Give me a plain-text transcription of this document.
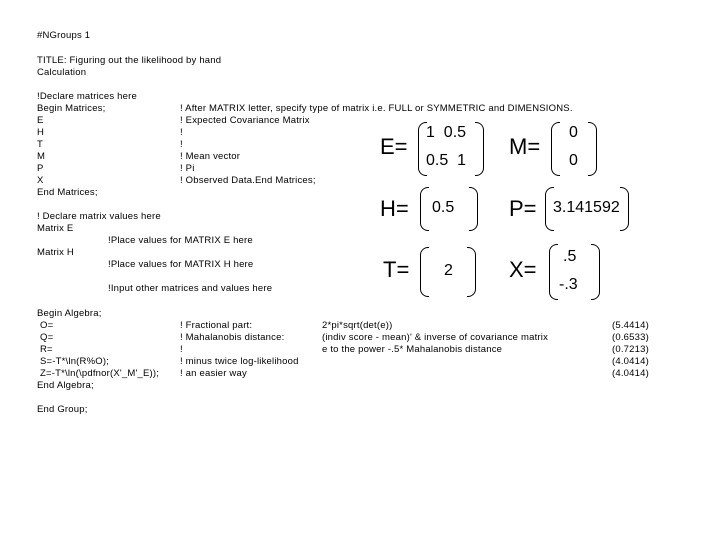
#NGroups 1
TITLE: Figuring out the likelihood by hand
Calculation
!Declare matrices here
Begin Matrices;
E
H
T
M
P
X
End Matrices;
! After MATRIX letter, specify type of matrix i.e. FULL or SYMMETRIC and DIMENSIONS.
! Expected Covariance Matrix
!
!
! Mean vector
! Pi
! Observed Data.End Matrices;
! Declare matrix values here
Matrix E
!Place values for MATRIX E here
Matrix H
!Place values for MATRIX H here
!Input other matrices and values here
E=
1  0.5
0.5  1
M=
0
0
H= 0.5 P= 3.141592
T= 2	X=
.5
-.3
Begin Algebra;
O=
Q=
R=
S=-T*\ln(R%O);
Z=-T*\ln(\pdfnor(X'_M'_E));
! Fractional part:
! Mahalanobis distance:
!
! minus twice log-likelihood
! an easier way
2*pi*sqrt(det(e))
(indiv score - mean)' & inverse of covariance matrix
e to the power -.5* Mahalanobis distance
(5.4414)
(0.6533)
(0.7213)
(4.0414)
(4.0414)
End Algebra;
End Group;
